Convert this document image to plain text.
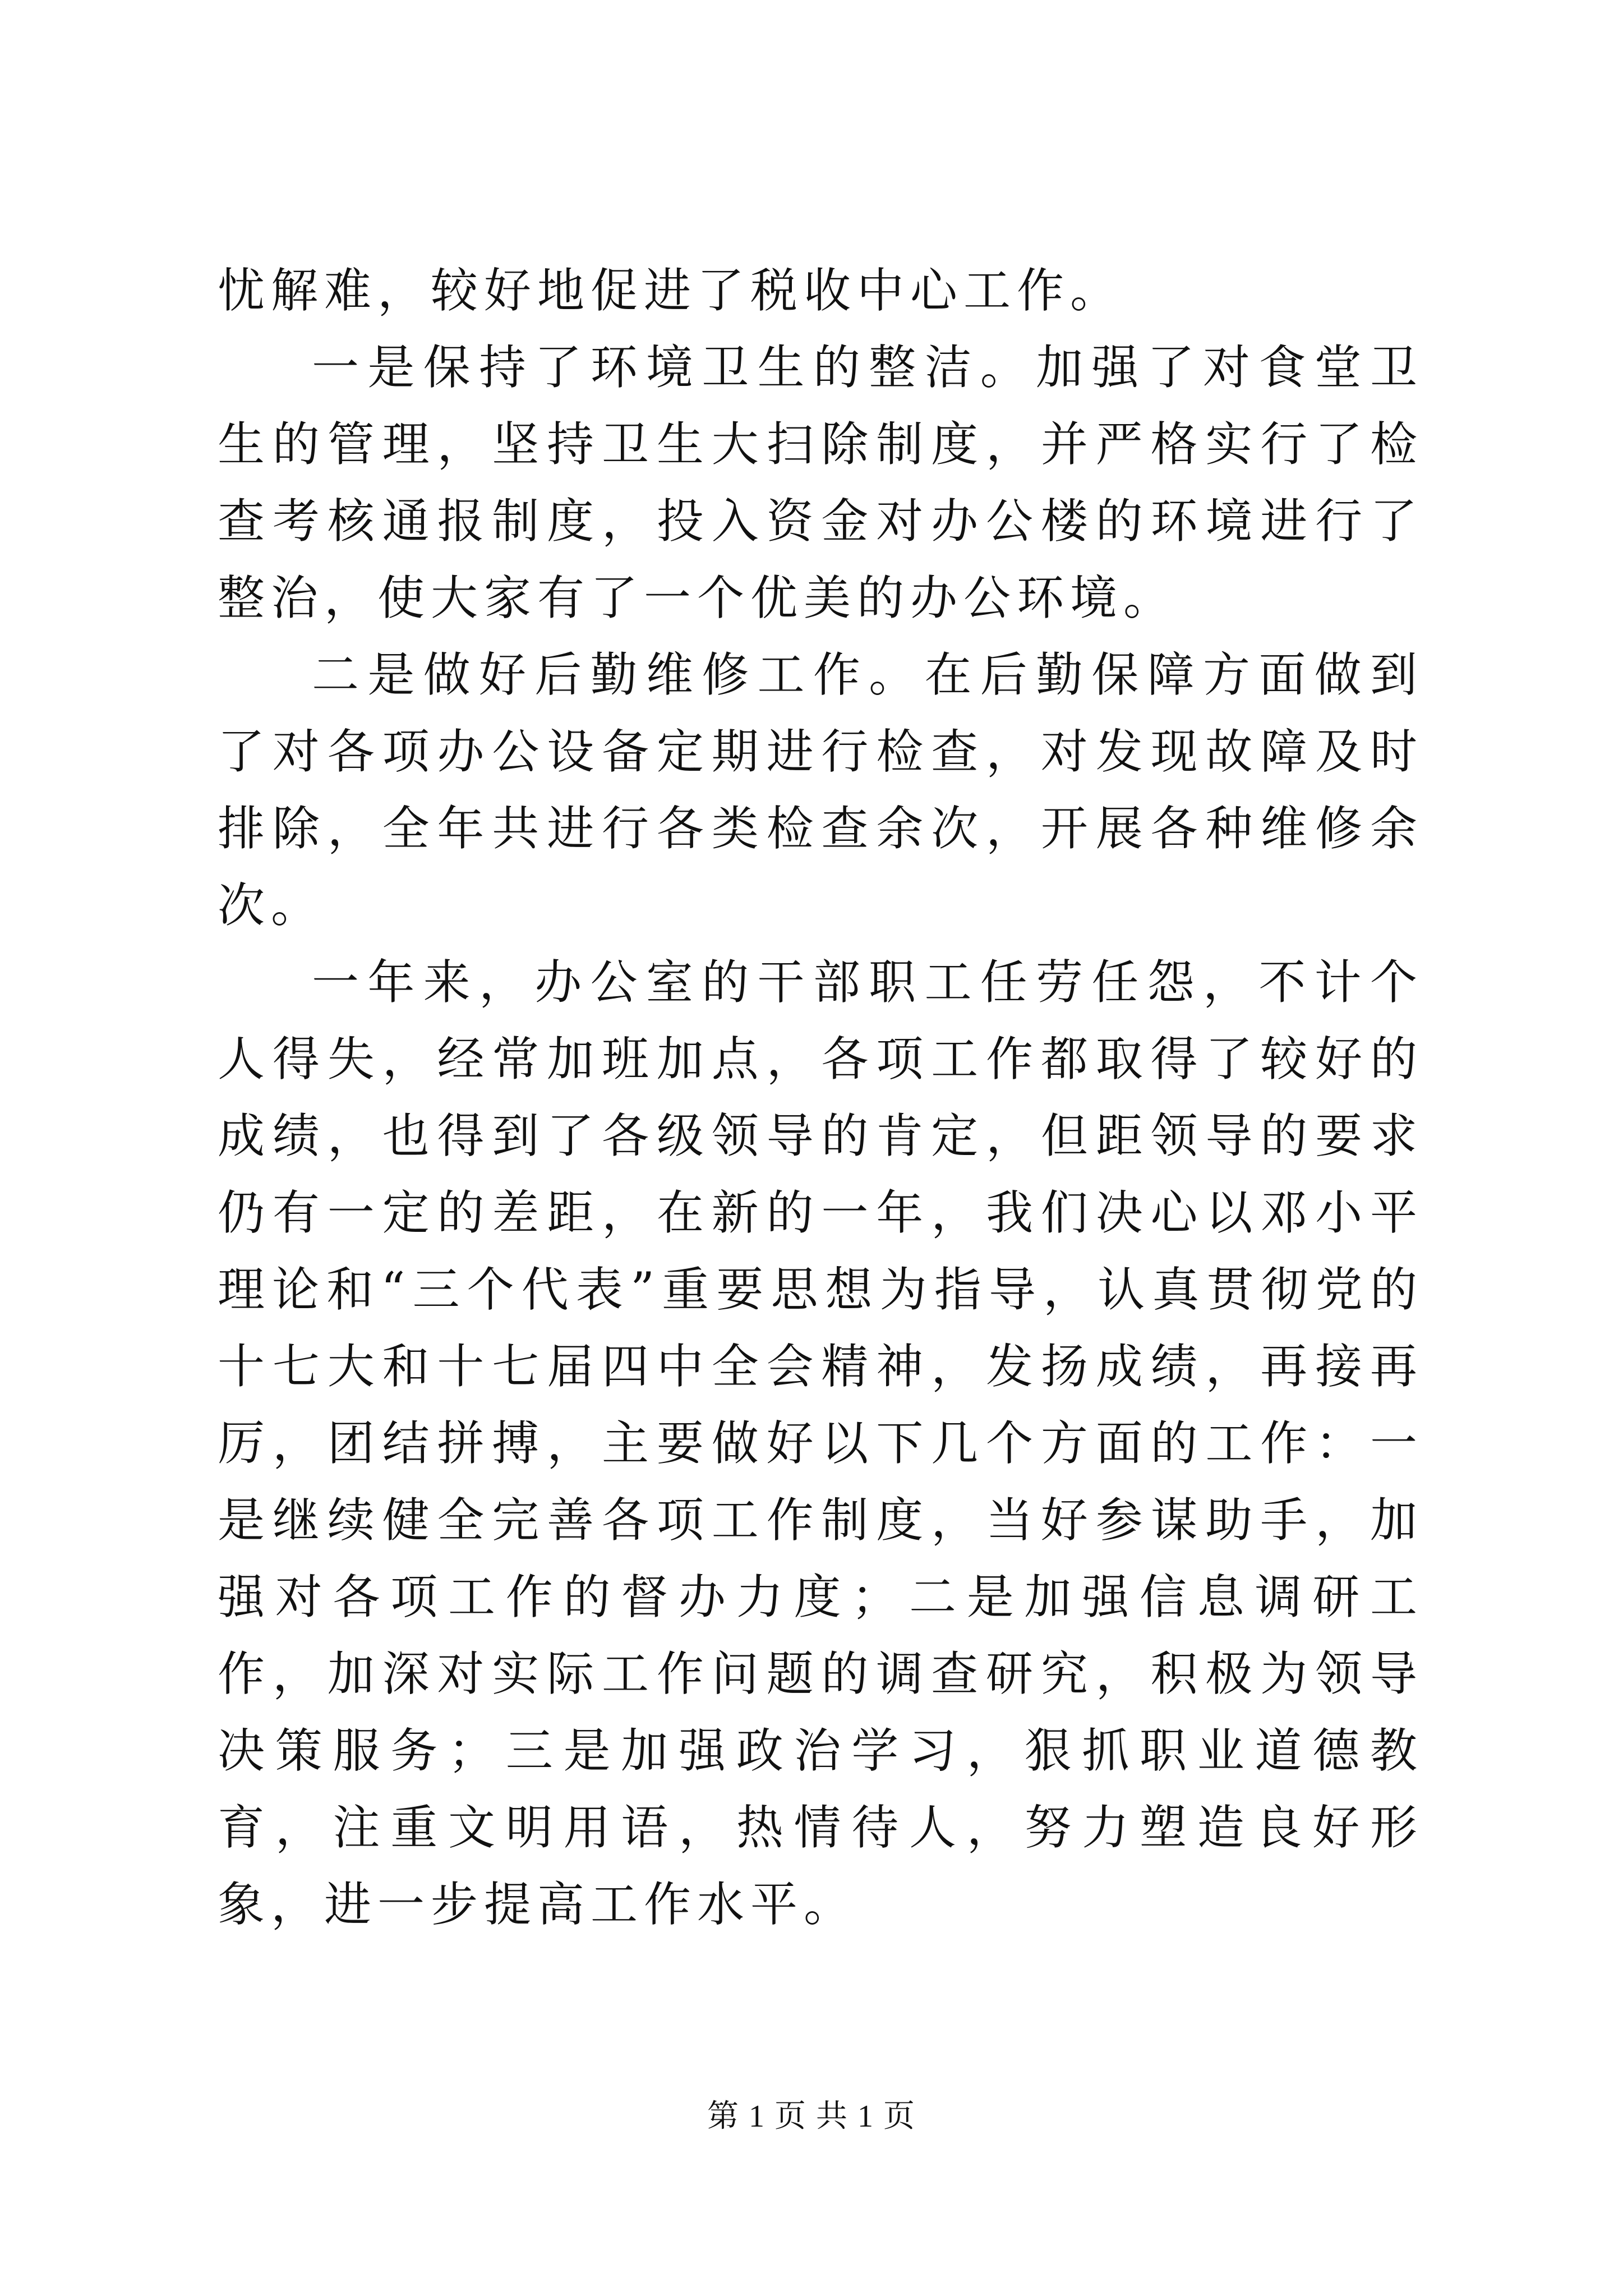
忧解难，较好地促进了税收中心工作。

一是保持了环境卫生的整洁。加强了对食堂卫生的管理，坚持卫生大扫除制度，并严格实行了检查考核通报制度，投入资金对办公楼的环境进行了整治，使大家有了一个优美的办公环境。

二是做好后勤维修工作。在后勤保障方面做到了对各项办公设备定期进行检查，对发现故障及时排除，全年共进行各类检查余次，开展各种维修余次。

一年来，办公室的干部职工任劳任怨，不计个人得失，经常加班加点，各项工作都取得了较好的成绩，也得到了各级领导的肯定，但距领导的要求仍有一定的差距，在新的一年，我们决心以邓小平理论和“三个代表”重要思想为指导，认真贯彻党的十七大和十七届四中全会精神，发扬成绩，再接再厉，团结拼搏，主要做好以下几个方面的工作：一是继续健全完善各项工作制度，当好参谋助手，加强对各项工作的督办力度；二是加强信息调研工作，加深对实际工作问题的调查研究，积极为领导决策服务；三是加强政治学习，狠抓职业道德教育，注重文明用语，热情待人，努力塑造良好形象，进一步提高工作水平。

第 1 页 共 1 页
